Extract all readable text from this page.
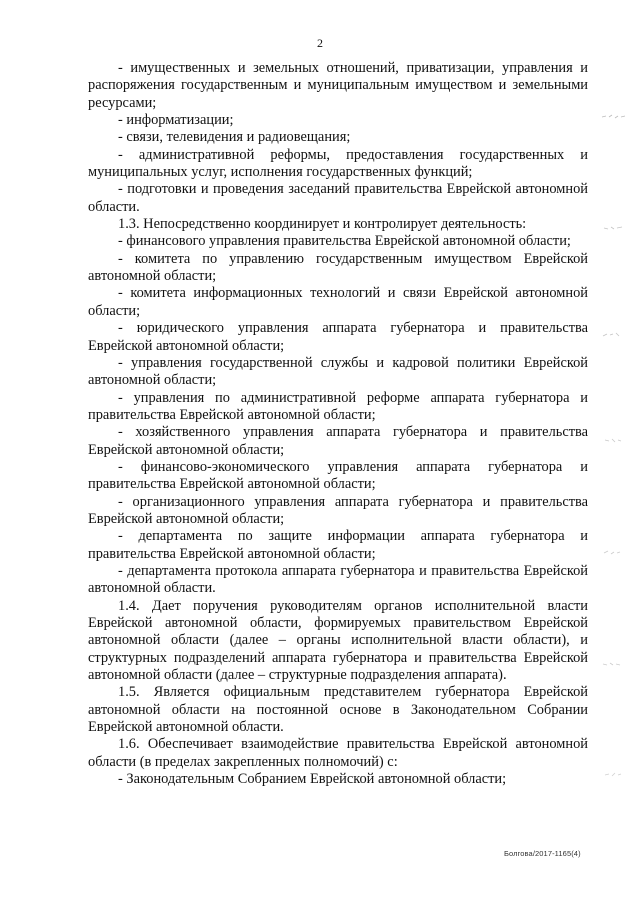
2

- имущественных и земельных отношений, приватизации, управления и распоряжения государственным и муниципальным имуществом и земельными ресурсами;

- информатизации;

- связи, телевидения и радиовещания;

- административной реформы, предоставления государственных и муниципальных услуг, исполнения государственных функций;

- подготовки и проведения заседаний правительства Еврейской автономной области.

1.3. Непосредственно координирует и контролирует деятельность:

- финансового управления правительства Еврейской автономной области;

- комитета по управлению государственным имуществом Еврейской автономной области;

- комитета информационных технологий и связи Еврейской автономной области;

- юридического управления аппарата губернатора и правительства Еврейской автономной области;

- управления государственной службы и кадровой политики Еврейской автономной области;

- управления по административной реформе аппарата губернатора и правительства Еврейской автономной области;

- хозяйственного управления аппарата губернатора и правительства Еврейской автономной области;

- финансово-экономического управления аппарата губернатора и правительства Еврейской автономной области;

- организационного управления аппарата губернатора и правительства Еврейской автономной области;

- департамента по защите информации аппарата губернатора и правительства Еврейской автономной области;

- департамента протокола аппарата губернатора и правительства Еврейской автономной области.

1.4. Дает поручения руководителям органов исполнительной власти Еврейской автономной области, формируемых правительством Еврейской автономной области (далее – органы исполнительной власти области), и структурных подразделений аппарата губернатора и правительства Еврейской автономной области (далее – структурные подразделения аппарата).

1.5. Является официальным представителем губернатора Еврейской автономной области на постоянной основе в Законодательном Собрании Еврейской автономной области.

1.6. Обеспечивает взаимодействие правительства Еврейской автономной области (в пределах закрепленных полномочий) с:

- Законодательным Собранием Еврейской автономной области;

Болгова/2017-1165(4)
